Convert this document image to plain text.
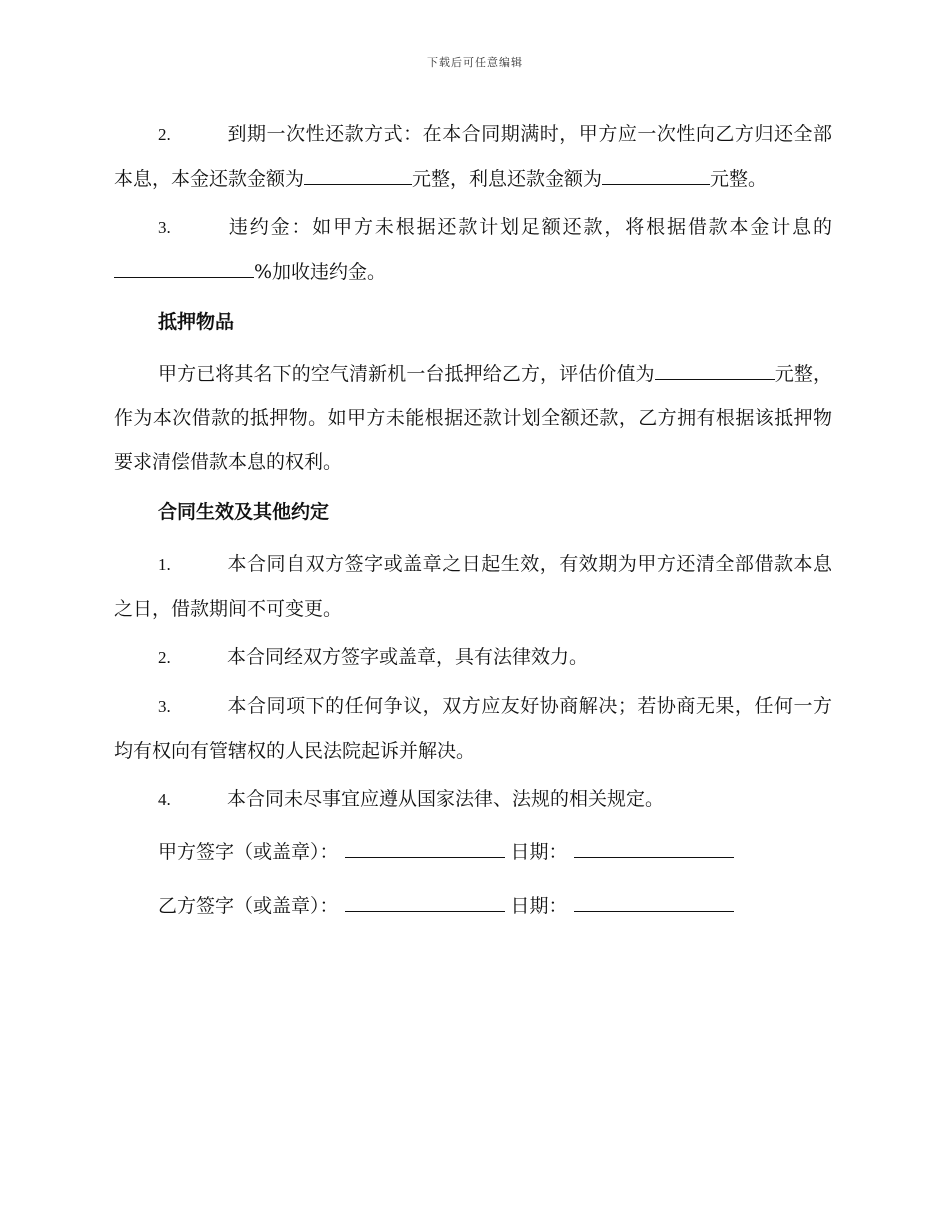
下载后可任意编辑

2.	到期一次性还款方式：在本合同期满时，甲方应一次性向乙方归还全部本息，本金还款金额为	元整，利息还款金额为	元整。

3.	违约金：如甲方未根据还款计划足额还款，将根据借款本金计息的%加收违约金。

抵押物品

甲方已将其名下的空气清新机一台抵押给乙方，评估价值为	元整，作为本次借款的抵押物。如甲方未能根据还款计划全额还款，乙方拥有根据该抵押物要求清偿借款本息的权利。

合同生效及其他约定

1.	本合同自双方签字或盖章之日起生效，有效期为甲方还清全部借款本息之日，借款期间不可变更。

2.	本合同经双方签字或盖章，具有法律效力。

3.	本合同项下的任何争议，双方应友好协商解决；若协商无果，任何一方均有权向有管辖权的人民法院起诉并解决。

4.	本合同未尽事宜应遵从国家法律、法规的相关规定。

甲方签字（或盖章）：	日期：
乙方签字（或盖章）：	日期：
